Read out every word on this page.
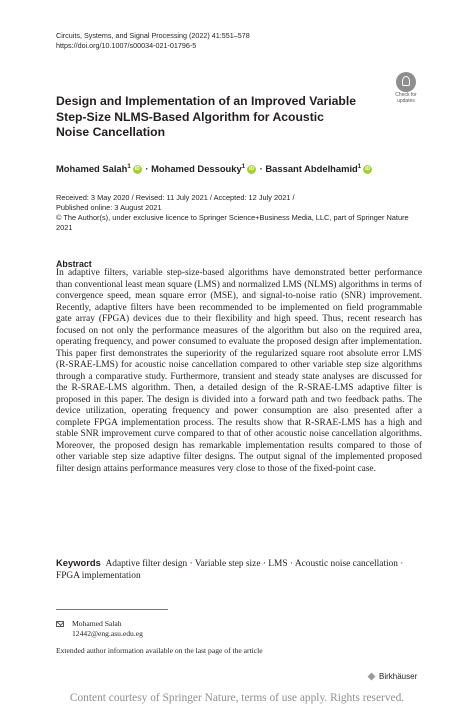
Circuits, Systems, and Signal Processing (2022) 41:551–578
https://doi.org/10.1007/s00034-021-01796-5
Check for
updates
Design and Implementation of an Improved Variable Step-Size NLMS-Based Algorithm for Acoustic Noise Cancellation
Mohamed Salah$^1$ iD · Mohamed Dessouky$^1$ iD · Bassant Abdelhamid$^1$ iD
Received: 3 May 2020 / Revised: 11 July 2021 / Accepted: 12 July 2021 /
Published online: 3 August 2021
© The Author(s), under exclusive licence to Springer Science+Business Media, LLC, part of Springer Nature 2021
Abstract
In adaptive filters, variable step-size-based algorithms have demonstrated better performance than conventional least mean square (LMS) and normalized LMS (NLMS) algorithms in terms of convergence speed, mean square error (MSE), and signal-to-noise ratio (SNR) improvement. Recently, adaptive filters have been recommended to be implemented on field programmable gate array (FPGA) devices due to their flexibility and high speed. Thus, recent research has focused on not only the performance measures of the algorithm but also on the required area, operating frequency, and power consumed to evaluate the proposed design after implementation. This paper first demonstrates the superiority of the regularized square root absolute error LMS (R-SRAE-LMS) for acoustic noise cancellation compared to other variable step size algorithms through a comparative study. Furthermore, transient and steady state analyses are discussed for the R-SRAE-LMS algorithm. Then, a detailed design of the R-SRAE-LMS adaptive filter is proposed in this paper. The design is divided into a forward path and two feedback paths. The device utilization, operating frequency and power consumption are also presented after a complete FPGA implementation process. The results show that R-SRAE-LMS has a high and stable SNR improvement curve compared to that of other acoustic noise cancellation algorithms. Moreover, the proposed design has remarkable implementation results compared to those of other variable step size adaptive filter designs. The output signal of the implemented proposed filter design attains performance measures very close to those of the fixed-point case.
Keywords Adaptive filter design · Variable step size · LMS · Acoustic noise cancellation · FPGA implementation
Mohamed Salah
12442@eng.asu.edu.eg
Extended author information available on the last page of the article
Birkhäuser
Content courtesy of Springer Nature, terms of use apply. Rights reserved.
